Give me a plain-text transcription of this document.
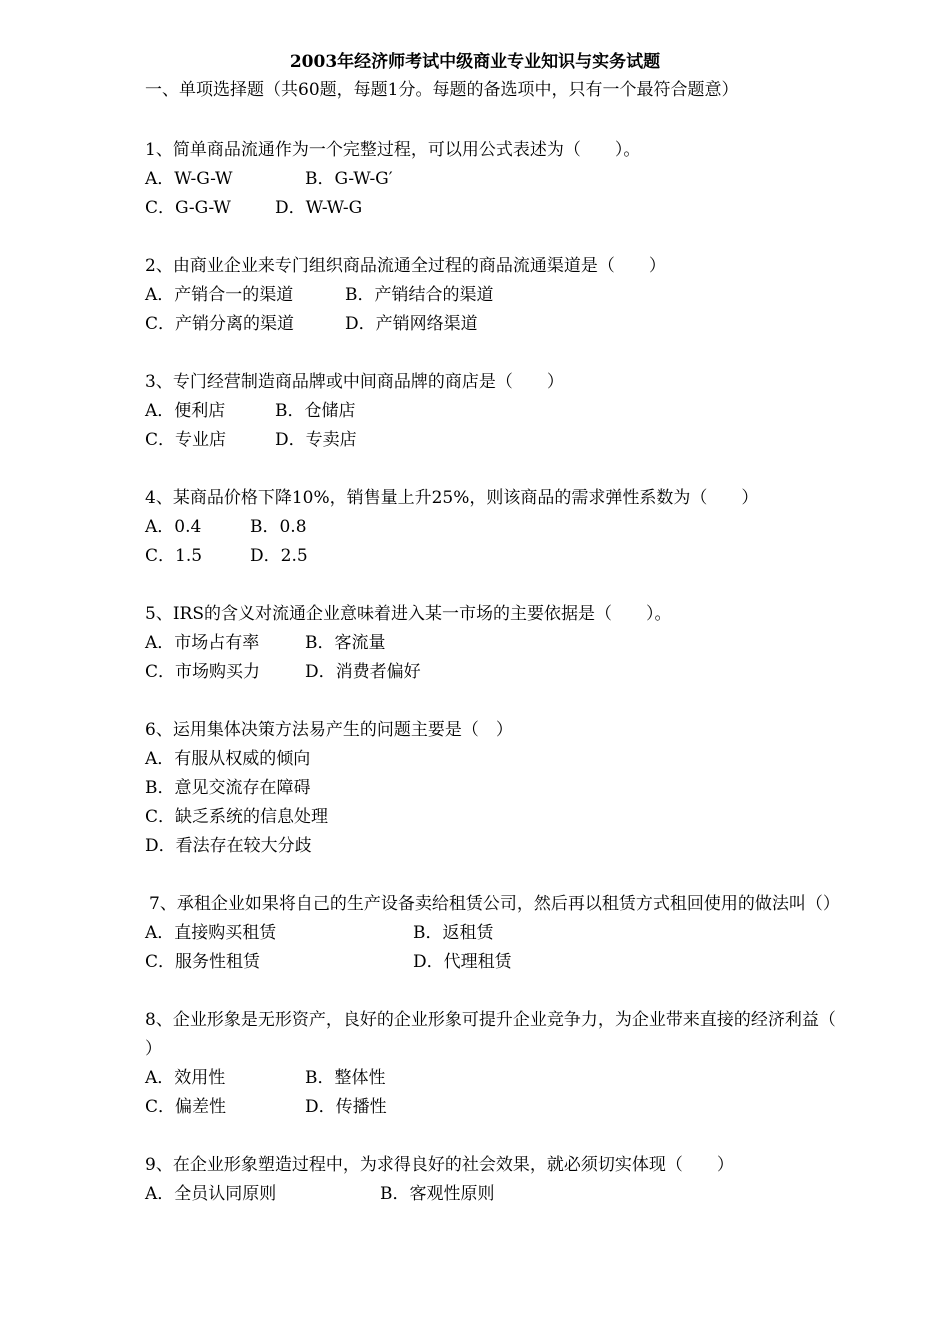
2003年经济师考试中级商业专业知识与实务试题
一、单项选择题（共60题，每题1分。每题的备选项中，只有一个最符合题意）
1、简单商品流通作为一个完整过程，可以用公式表述为（　　）。
A．W-G-W	B．G-W-G′
C．G-G-W	D．W-W-G
2、由商业企业来专门组织商品流通全过程的商品流通渠道是（　　）
A．产销合一的渠道	B．产销结合的渠道
C．产销分离的渠道	D．产销网络渠道
3、专门经营制造商品牌或中间商品牌的商店是（　　）
A．便利店	B．仓储店
C．专业店	D．专卖店
4、某商品价格下降10%，销售量上升25%，则该商品的需求弹性系数为（　　）
A．0.4	B．0.8
C．1.5	D．2.5
5、IRS的含义对流通企业意味着进入某一市场的主要依据是（　　）。
A．市场占有率	B．客流量
C．市场购买力	D．消费者偏好
6、运用集体决策方法易产生的问题主要是（　）
A．有服从权威的倾向
B．意见交流存在障碍
C．缺乏系统的信息处理
D．看法存在较大分歧
7、承租企业如果将自己的生产设备卖给租赁公司，然后再以租赁方式租回使用的做法叫（）
A．直接购买租赁	B．返租赁
C．服务性租赁	D．代理租赁
8、企业形象是无形资产，良好的企业形象可提升企业竞争力，为企业带来直接的经济利益（　　）
A．效用性	B．整体性
C．偏差性	D．传播性
9、在企业形象塑造过程中，为求得良好的社会效果，就必须切实体现（　　）
A．全员认同原则	B．客观性原则
